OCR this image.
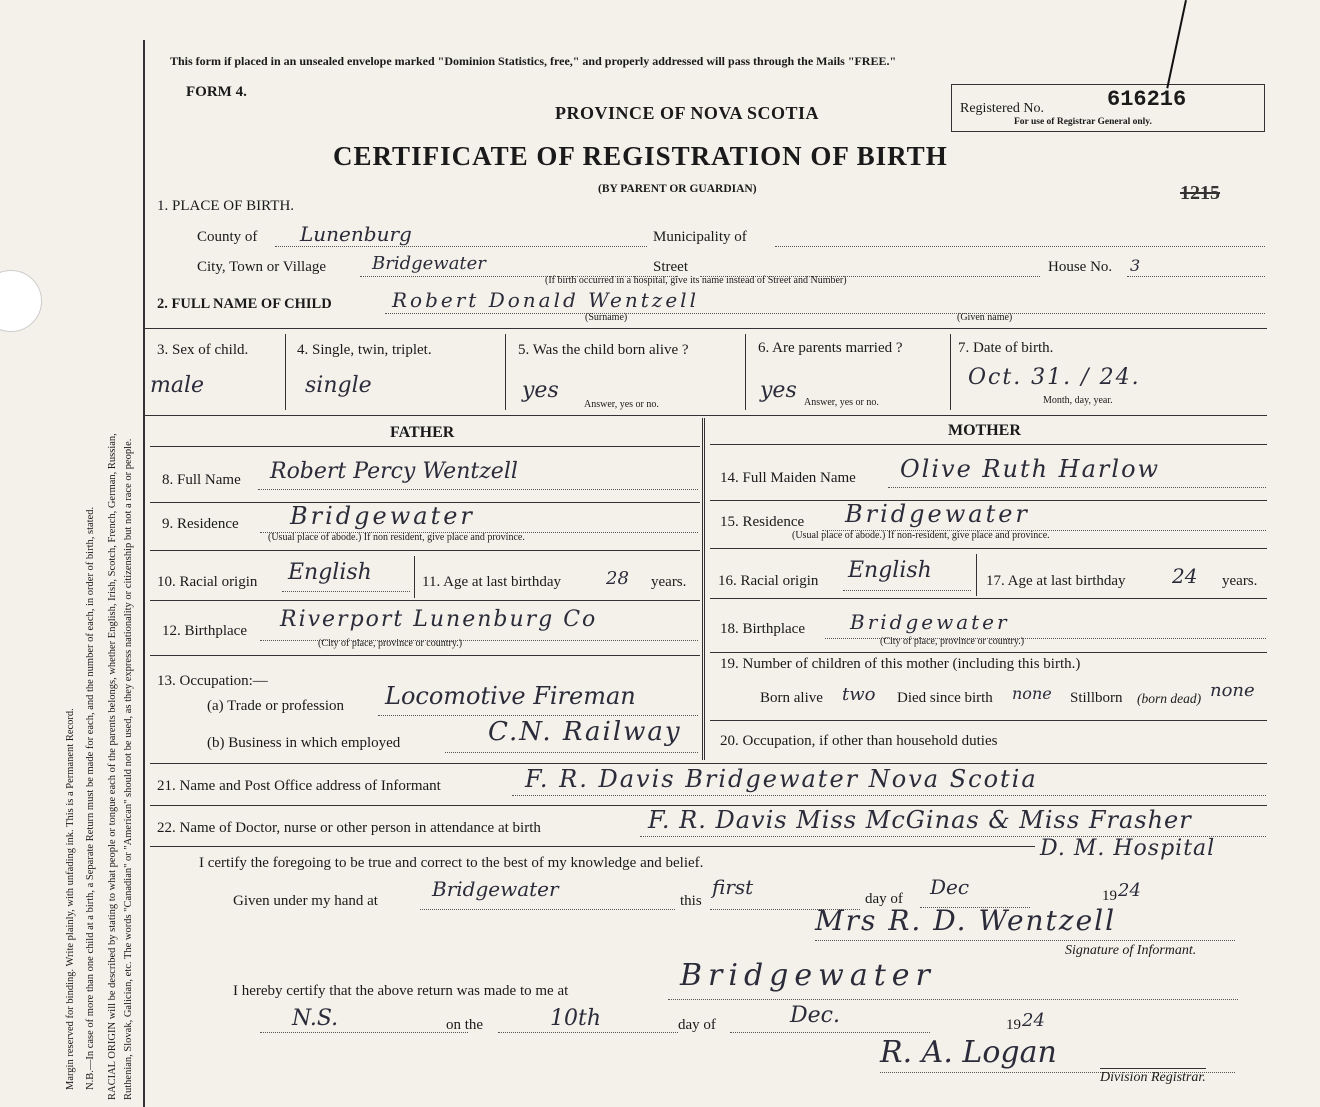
Margin reserved for binding. Write plainly, with unfading ink. This is a Permanent Record. N.B.—In case of more than one child at a birth, a Separate Return must be made for each, and the number of each, in order of birth, stated. RACIAL ORIGIN will be described by stating to what people or tongue each of the parents belongs, whether English, Irish, Scotch, French, German, Russian, Ruthenian, Slovak, Galician, etc. The words "Canadian" or "American" should not be used, as they express nationality or citizenship but not a race or people.
This form if placed in an unsealed envelope marked "Dominion Statistics, free," and properly addressed will pass through the Mails "FREE."
FORM 4.
PROVINCE OF NOVA SCOTIA
CERTIFICATE OF REGISTRATION OF BIRTH
(BY PARENT OR GUARDIAN)
Registered No.	616216
For use of Registrar General only.
1215
1. PLACE OF BIRTH.
County of Lunenburg	Municipality of
City, Town or Village	Bridgewater	Street
(If birth occurred in a hospital, give its name instead of Street and Number)
House No. 3
2. FULL NAME OF CHILD	Robert Donald Wentzell
(Surname)	(Given name)
3. Sex of child.
male
4. Single, twin, triplet.
single
5. Was the child born alive ?
yes
Answer, yes or no.
6. Are parents married ?
yes Answer, yes or no.
7. Date of birth.
Oct. 31. / 24.
Month, day, year.
FATHER
8. Full Name Robert Percy Wentzell
9. Residence Bridgewater
(Usual place of abode.) If non resident, give place and province.
10. Racial origin English	11. Age at last birthday	28 years.
12. Birthplace Riverport Lunenburg Co
(City of place, province or country.)
13. Occupation:—
(a) Trade or profession Locomotive Fireman
(b) Business in which employed	C.N. Railway
MOTHER
14. Full Maiden Name Olive Ruth Harlow
15. Residence Bridgewater
(Usual place of abode.) If non-resident, give place and province.
16. Racial origin English	17. Age at last birthday 24 years.
18. Birthplace Bridgewater
(City of place, province or country.)
19. Number of children of this mother (including this birth.)
Born alive two Died since birth none Stillborn (born dead) none
20. Occupation, if other than household duties
21. Name and Post Office address of Informant	F. R. Davis Bridgewater Nova Scotia
22. Name of Doctor, nurse or other person in attendance at birth	F. R. Davis Miss McGinas & Miss Frasher
D. M. Hospital
I certify the foregoing to be true and correct to the best of my knowledge and belief.
Given under my hand at	Bridgewater	this
first	day of Dec	19 24
Mrs R. D. Wentzell
Signature of Informant.
I hereby certify that the above return was made to me at	Bridgewater
N.S.	on the	10th	day of	Dec.	19 24
R. A. Logan
Division Registrar.
